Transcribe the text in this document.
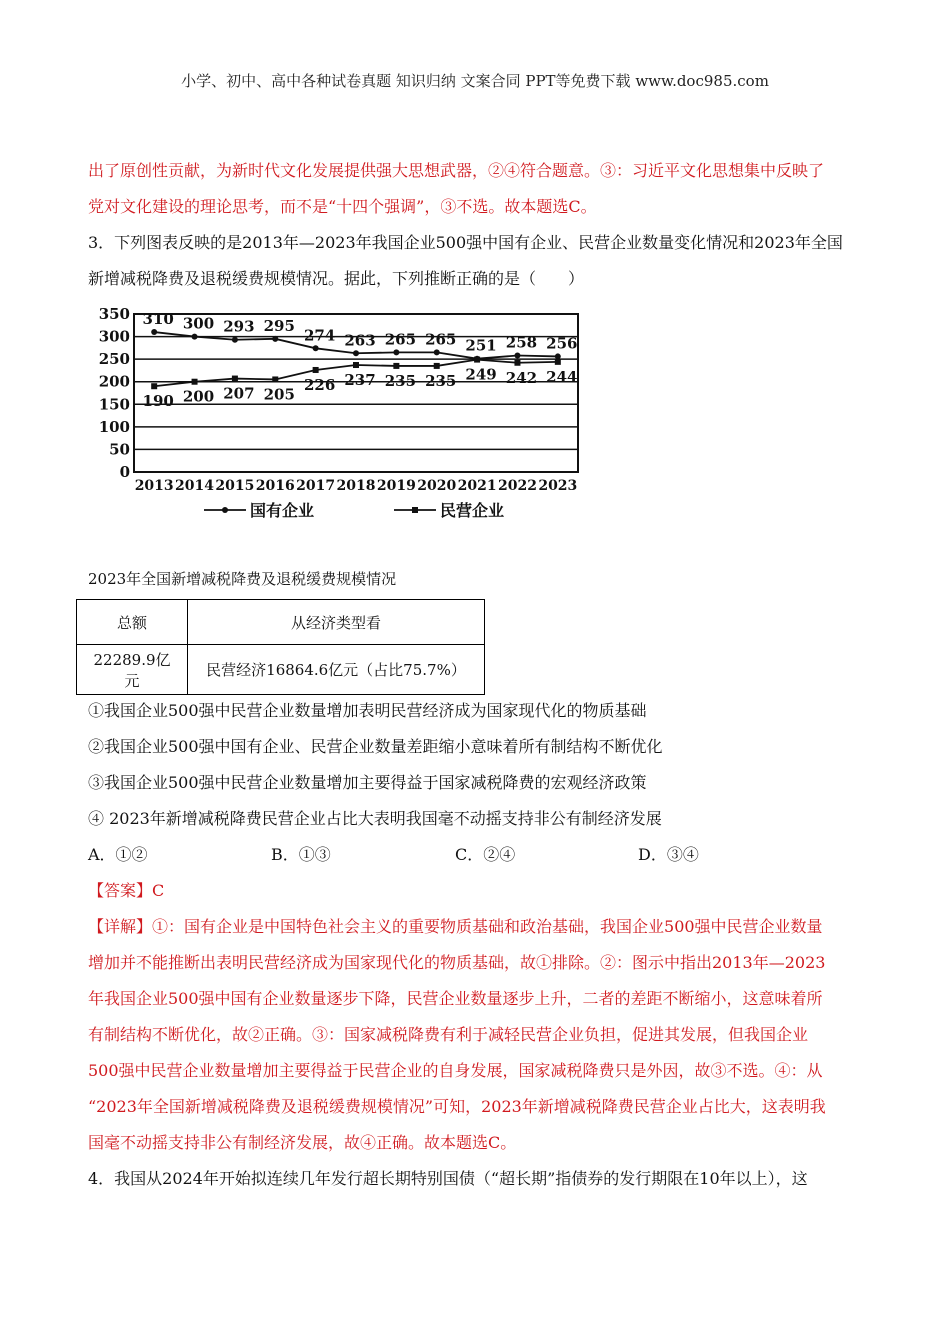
小学、初中、高中各种试卷真题 知识归纳 文案合同 PPT等免费下载 www.doc985.com
出了原创性贡献，为新时代文化发展提供强大思想武器，②④符合题意。③：习近平文化思想集中反映了
党对文化建设的理论思考，而不是“十四个强调”，③不选。故本题选C。
3．下列图表反映的是2013年—2023年我国企业500强中国有企业、民营企业数量变化情况和2023年全国
新增减税降费及退税缓费规模情况。据此，下列推断正确的是（　　）
0
50
100
150
200
250
300
350
2013 2014 2015 2016 2017 2018 2019 2020 2021 2022 2023
310 300 293 295
274 263 265 265 251 258 256
190 200 207 205
226 237 235 235 249 242 244
国有企业	民营企业
2023年全国新增减税降费及退税缓费规模情况
总额	从经济类型看
22289.9亿元	民营经济16864.6亿元（占比75.7%）
①我国企业500强中民营企业数量增加表明民营经济成为国家现代化的物质基础
②我国企业500强中国有企业、民营企业数量差距缩小意味着所有制结构不断优化
③我国企业500强中民营企业数量增加主要得益于国家减税降费的宏观经济政策
④ 2023年新增减税降费民营企业占比大表明我国毫不动摇支持非公有制经济发展
A．①②	B．①③	C．②④	D．③④
【答案】C
【详解】①：国有企业是中国特色社会主义的重要物质基础和政治基础，我国企业500强中民营企业数量
增加并不能推断出表明民营经济成为国家现代化的物质基础，故①排除。②：图示中指出2013年—2023
年我国企业500强中国有企业数量逐步下降，民营企业数量逐步上升，二者的差距不断缩小，这意味着所
有制结构不断优化，故②正确。③：国家减税降费有利于减轻民营企业负担，促进其发展，但我国企业
500强中民营企业数量增加主要得益于民营企业的自身发展，国家减税降费只是外因，故③不选。④：从
“2023年全国新增减税降费及退税缓费规模情况”可知，2023年新增减税降费民营企业占比大，这表明我
国毫不动摇支持非公有制经济发展，故④正确。故本题选C。
4．我国从2024年开始拟连续几年发行超长期特别国债（“超长期”指债券的发行期限在10年以上），这
